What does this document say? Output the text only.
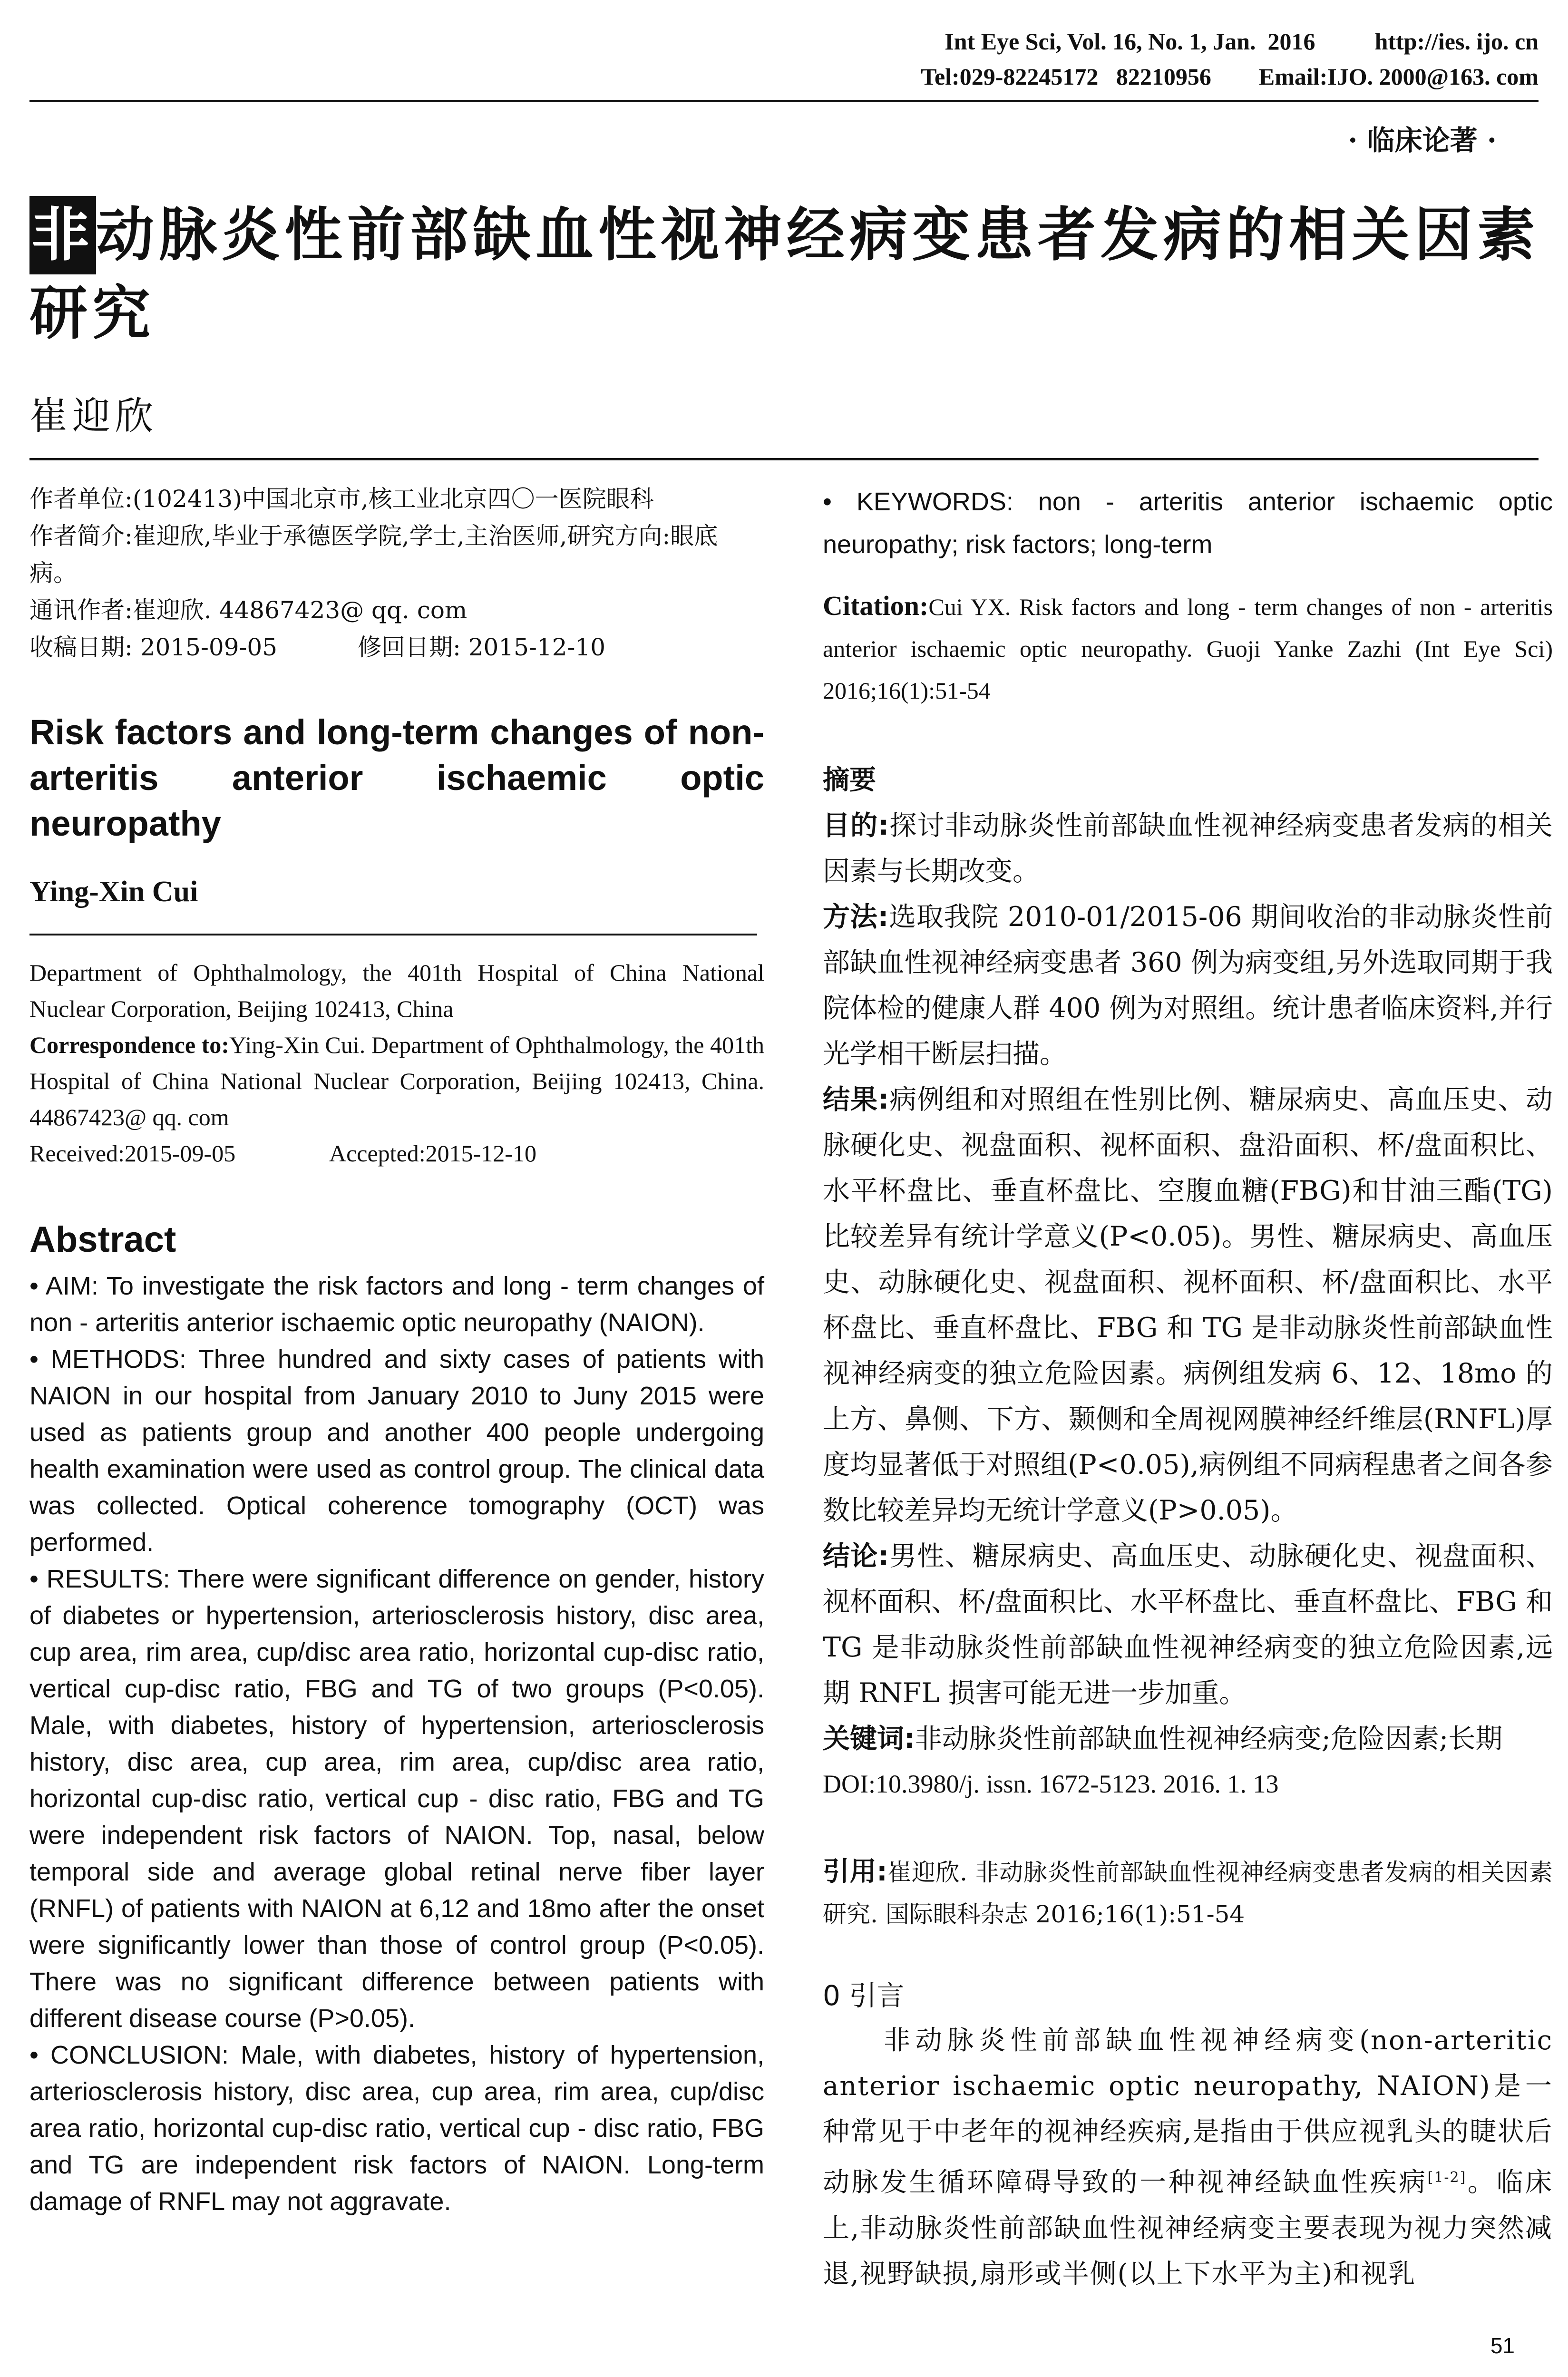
Int Eye Sci, Vol. 16, No. 1, Jan.  2016	http://ies. ijo. cn
Tel:029-82245172   82210956 Email:IJO. 2000@163. com
· 临床论著 ·
非动脉炎性前部缺血性视神经病变患者发病的相关因素研究
崔迎欣
作者单位:(102413)中国北京市,核工业北京四〇一医院眼科
作者简介:崔迎欣,毕业于承德医学院,学士,主治医师,研究方向:眼底病。
通讯作者:崔迎欣. 44867423@ qq. com
收稿日期: 2015-09-05	修回日期: 2015-12-10
Risk factors and long-term changes of non-arteritis anterior ischaemic optic neuropathy
Ying-Xin Cui
Department of Ophthalmology, the 401th Hospital of China National Nuclear Corporation, Beijing 102413, China
Correspondence to:Ying-Xin Cui. Department of Ophthalmology, the 401th Hospital of China National Nuclear Corporation, Beijing 102413, China. 44867423@ qq. com
Received:2015-09-05	Accepted:2015-12-10
Abstract

• AIM: To investigate the risk factors and long - term changes of non - arteritis anterior ischaemic optic neuropathy (NAION).

• METHODS: Three hundred and sixty cases of patients with NAION in our hospital from January 2010 to Juny 2015 were used as patients group and another 400 people undergoing health examination were used as control group. The clinical data was collected. Optical coherence tomography (OCT) was performed.

• RESULTS: There were significant difference on gender, history of diabetes or hypertension, arteriosclerosis history, disc area, cup area, rim area, cup/disc area ratio, horizontal cup-disc ratio, vertical cup-disc ratio, FBG and TG of two groups (P<0.05). Male, with diabetes, history of hypertension, arteriosclerosis history, disc area, cup area, rim area, cup/disc area ratio, horizontal cup-disc ratio, vertical cup - disc ratio, FBG and TG were independent risk factors of NAION. Top, nasal, below temporal side and average global retinal nerve fiber layer (RNFL) of patients with NAION at 6,12 and 18mo after the onset were significantly lower than those of control group (P<0.05). There was no significant difference between patients with different disease course (P>0.05).

• CONCLUSION: Male, with diabetes, history of hypertension, arteriosclerosis history, disc area, cup area, rim area, cup/disc area ratio, horizontal cup-disc ratio, vertical cup - disc ratio, FBG and TG are independent risk factors of NAION. Long-term damage of RNFL may not aggravate.

• KEYWORDS: non - arteritis anterior ischaemic optic neuropathy; risk factors; long-term
Citation:Cui YX. Risk factors and long - term changes of non - arteritis anterior ischaemic optic neuropathy. Guoji Yanke Zazhi (Int Eye Sci) 2016;16(1):51-54
摘要

目的:探讨非动脉炎性前部缺血性视神经病变患者发病的相关因素与长期改变。

方法:选取我院 2010-01/2015-06 期间收治的非动脉炎性前部缺血性视神经病变患者 360 例为病变组,另外选取同期于我院体检的健康人群 400 例为对照组。统计患者临床资料,并行光学相干断层扫描。

结果:病例组和对照组在性别比例、糖尿病史、高血压史、动脉硬化史、视盘面积、视杯面积、盘沿面积、杯/盘面积比、水平杯盘比、垂直杯盘比、空腹血糖(FBG)和甘油三酯(TG)比较差异有统计学意义(P<0.05)。男性、糖尿病史、高血压史、动脉硬化史、视盘面积、视杯面积、杯/盘面积比、水平杯盘比、垂直杯盘比、FBG 和 TG 是非动脉炎性前部缺血性视神经病变的独立危险因素。病例组发病 6、12、18mo 的上方、鼻侧、下方、颞侧和全周视网膜神经纤维层(RNFL)厚度均显著低于对照组(P<0.05),病例组不同病程患者之间各参数比较差异均无统计学意义(P>0.05)。

结论:男性、糖尿病史、高血压史、动脉硬化史、视盘面积、视杯面积、杯/盘面积比、水平杯盘比、垂直杯盘比、FBG 和 TG 是非动脉炎性前部缺血性视神经病变的独立危险因素,远期 RNFL 损害可能无进一步加重。

关键词:非动脉炎性前部缺血性视神经病变;危险因素;长期

DOI:10.3980/j. issn. 1672-5123. 2016. 1. 13
引用:崔迎欣. 非动脉炎性前部缺血性视神经病变患者发病的相关因素研究. 国际眼科杂志 2016;16(1):51-54
0 引言
非动脉炎性前部缺血性视神经病变(non-arteritic anterior ischaemic optic neuropathy, NAION)是一种常见于中老年的视神经疾病,是指由于供应视乳头的睫状后动脉发生循环障碍导致的一种视神经缺血性疾病[1-2]。临床上,非动脉炎性前部缺血性视神经病变主要表现为视力突然减退,视野缺损,扇形或半侧(以上下水平为主)和视乳
51
